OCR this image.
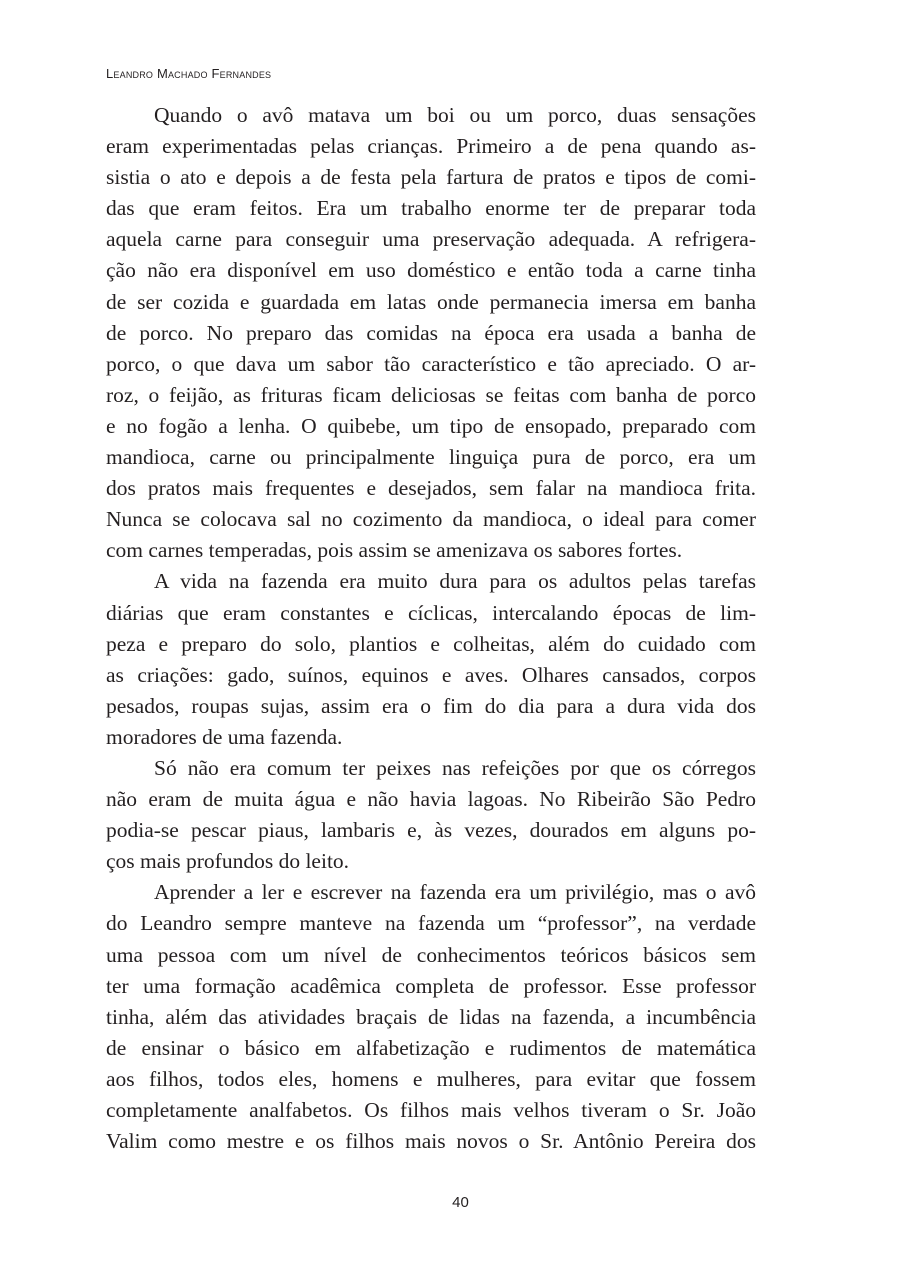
Leandro Machado Fernandes
Quando o avô matava um boi ou um porco, duas sensações
eram experimentadas pelas crianças. Primeiro a de pena quando as-
sistia o ato e depois a de festa pela fartura de pratos e tipos de comi-
das que eram feitos. Era um trabalho enorme ter de preparar toda
aquela carne para conseguir uma preservação adequada. A refrigera-
ção não era disponível em uso doméstico e então toda a carne tinha
de ser cozida e guardada em latas onde permanecia imersa em banha
de porco. No preparo das comidas na época era usada a banha de
porco, o que dava um sabor tão característico e tão apreciado. O ar-
roz, o feijão, as frituras ficam deliciosas se feitas com banha de porco
e no fogão a lenha. O quibebe, um tipo de ensopado, preparado com
mandioca, carne ou principalmente linguiça pura de porco, era um
dos pratos mais frequentes e desejados, sem falar na mandioca frita.
Nunca se colocava sal no cozimento da mandioca, o ideal para comer
com carnes temperadas, pois assim se amenizava os sabores fortes.
A vida na fazenda era muito dura para os adultos pelas tarefas
diárias que eram constantes e cíclicas, intercalando épocas de lim-
peza e preparo do solo, plantios e colheitas, além do cuidado com
as criações: gado, suínos, equinos e aves. Olhares cansados, corpos
pesados, roupas sujas, assim era o fim do dia para a dura vida dos
moradores de uma fazenda.
Só não era comum ter peixes nas refeições por que os córregos
não eram de muita água e não havia lagoas. No Ribeirão São Pedro
podia-se pescar piaus, lambaris e, às vezes, dourados em alguns po-
ços mais profundos do leito.
Aprender a ler e escrever na fazenda era um privilégio, mas o avô
do Leandro sempre manteve na fazenda um “professor”, na verdade
uma pessoa com um nível de conhecimentos teóricos básicos sem
ter uma formação acadêmica completa de professor. Esse professor
tinha, além das atividades braçais de lidas na fazenda, a incumbência
de ensinar o básico em alfabetização e rudimentos de matemática
aos filhos, todos eles, homens e mulheres, para evitar que fossem
completamente analfabetos. Os filhos mais velhos tiveram o Sr. João
Valim como mestre e os filhos mais novos o Sr. Antônio Pereira dos
40
